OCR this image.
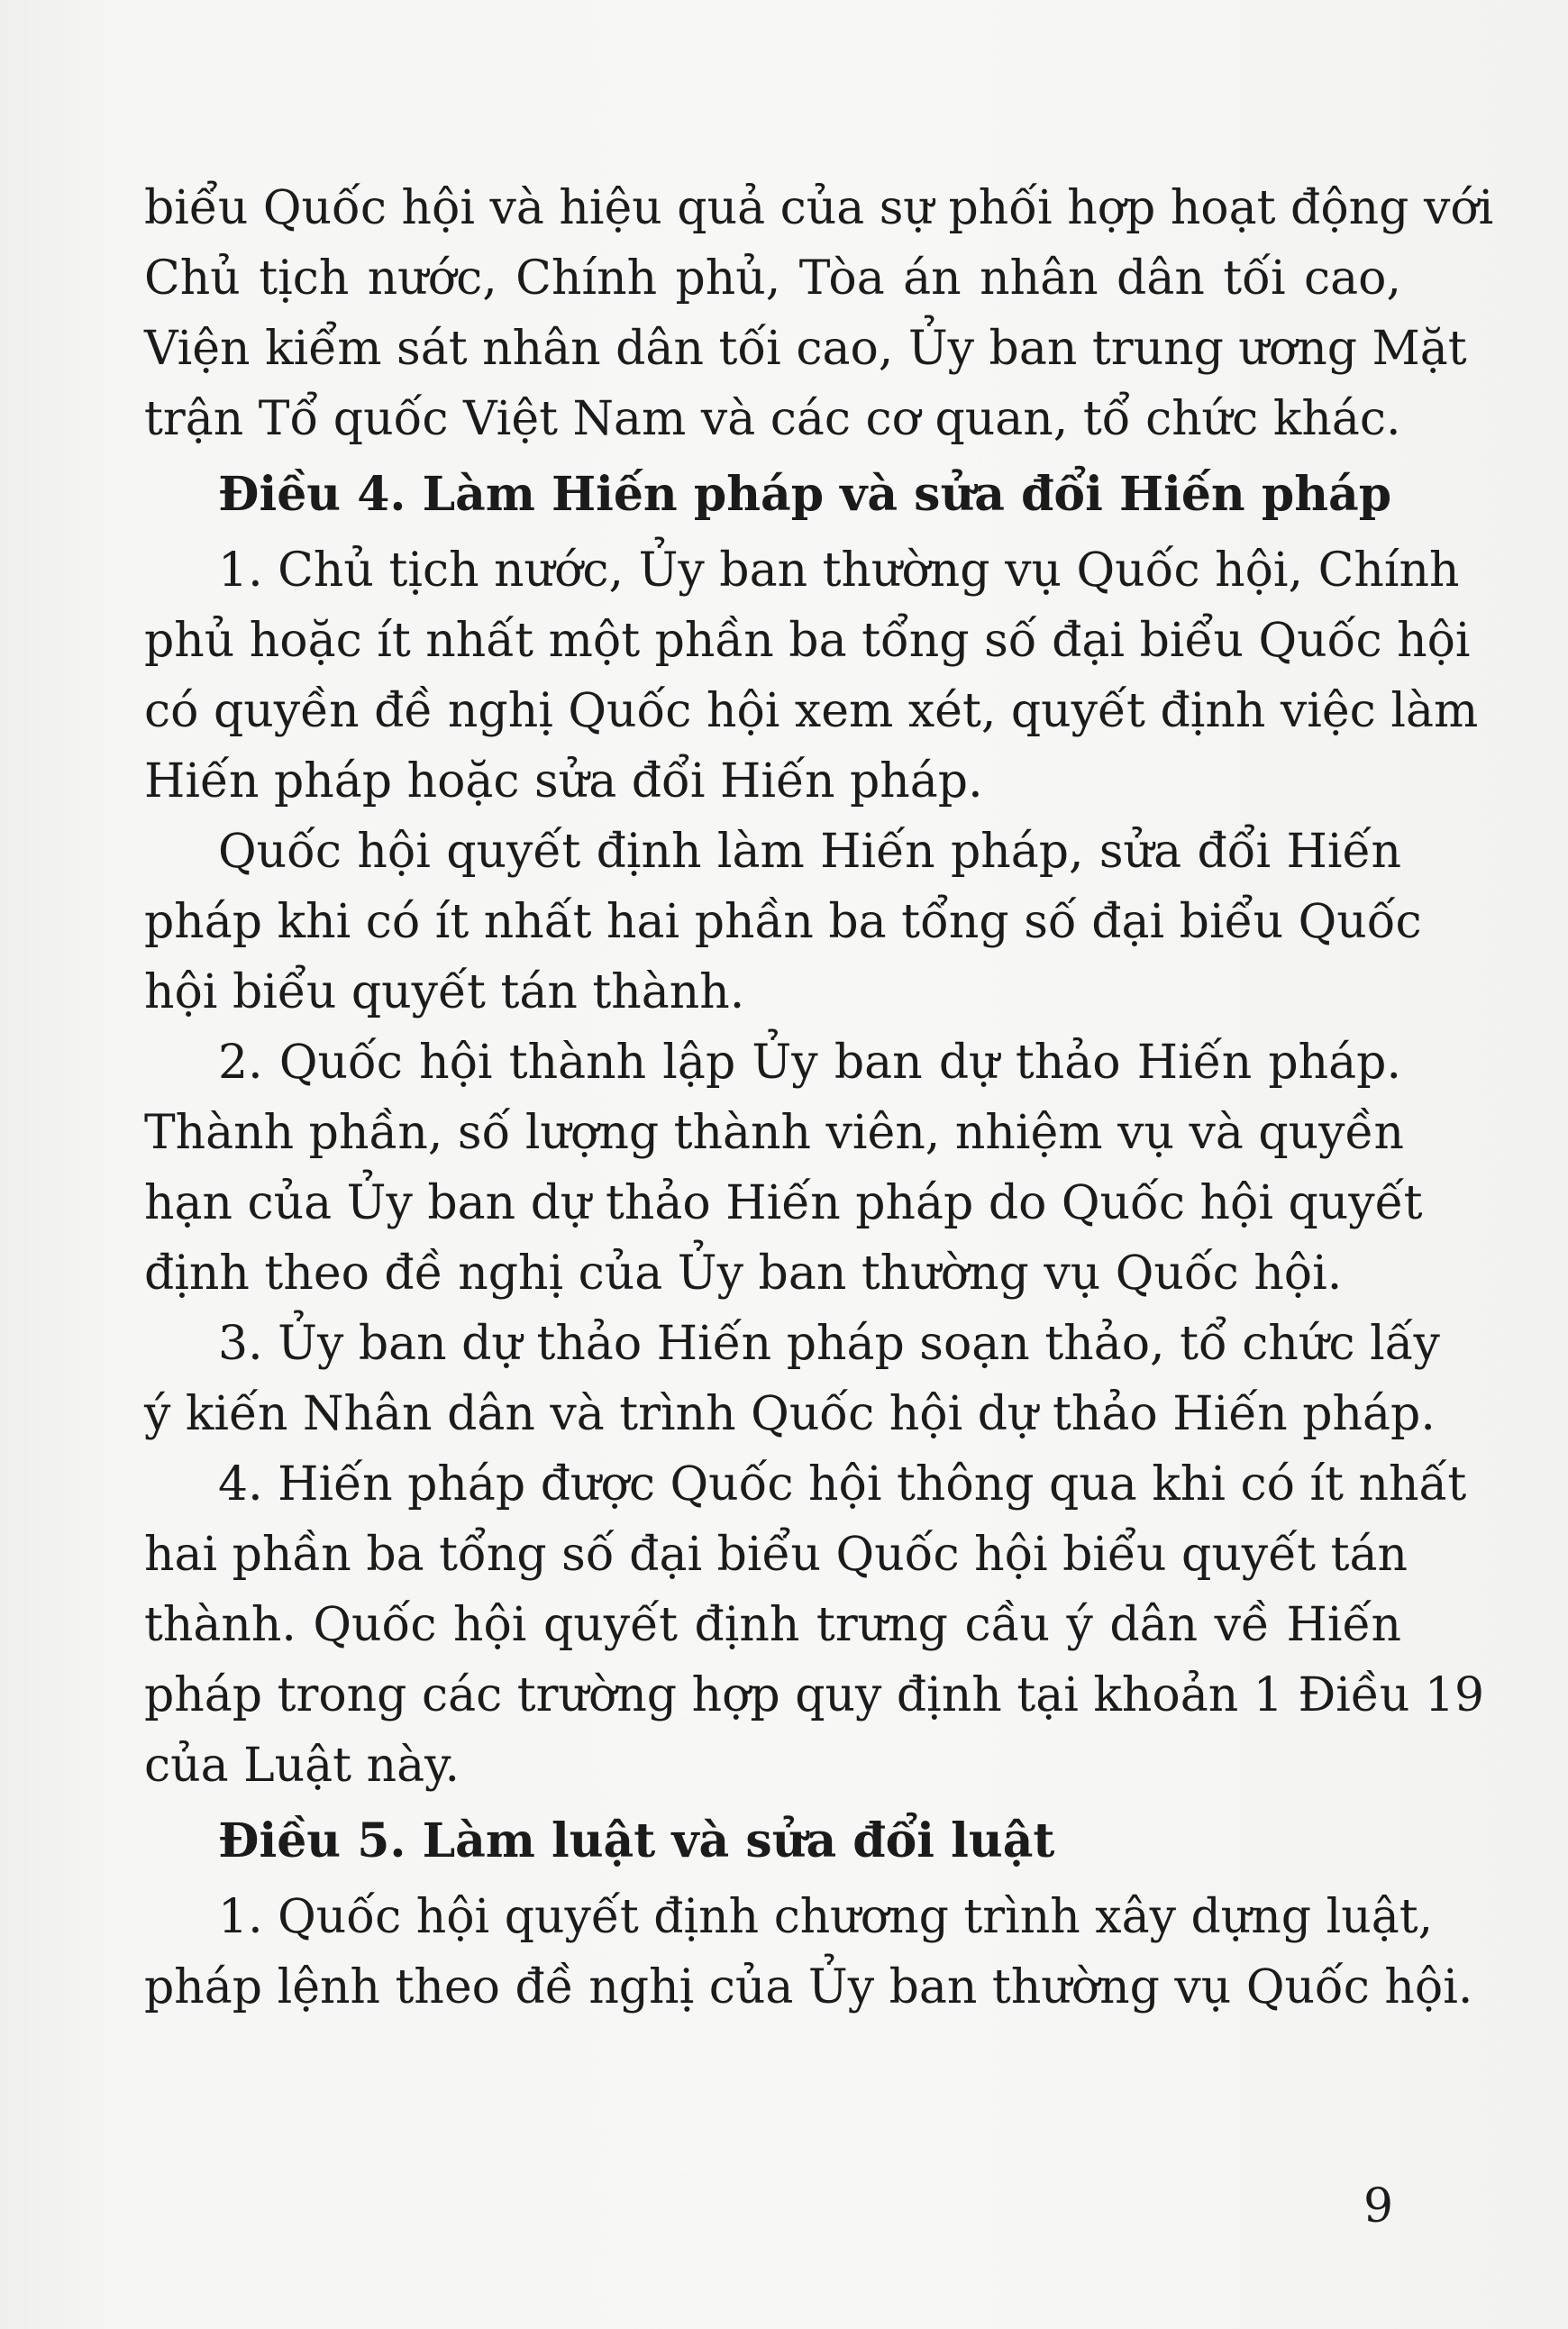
biểu Quốc hội và hiệu quả của sự phối hợp hoạt động với
Chủ tịch nước, Chính phủ, Tòa án nhân dân tối cao,
Viện kiểm sát nhân dân tối cao, Ủy ban trung ương Mặt
trận Tổ quốc Việt Nam và các cơ quan, tổ chức khác.
Điều 4. Làm Hiến pháp và sửa đổi Hiến pháp
1. Chủ tịch nước, Ủy ban thường vụ Quốc hội, Chính
phủ hoặc ít nhất một phần ba tổng số đại biểu Quốc hội
có quyền đề nghị Quốc hội xem xét, quyết định việc làm
Hiến pháp hoặc sửa đổi Hiến pháp.
Quốc hội quyết định làm Hiến pháp, sửa đổi Hiến
pháp khi có ít nhất hai phần ba tổng số đại biểu Quốc
hội biểu quyết tán thành.
2. Quốc hội thành lập Ủy ban dự thảo Hiến pháp.
Thành phần, số lượng thành viên, nhiệm vụ và quyền
hạn của Ủy ban dự thảo Hiến pháp do Quốc hội quyết
định theo đề nghị của Ủy ban thường vụ Quốc hội.
3. Ủy ban dự thảo Hiến pháp soạn thảo, tổ chức lấy
ý kiến Nhân dân và trình Quốc hội dự thảo Hiến pháp.
4. Hiến pháp được Quốc hội thông qua khi có ít nhất
hai phần ba tổng số đại biểu Quốc hội biểu quyết tán
thành. Quốc hội quyết định trưng cầu ý dân về Hiến
pháp trong các trường hợp quy định tại khoản 1 Điều 19
của Luật này.
Điều 5. Làm luật và sửa đổi luật
1. Quốc hội quyết định chương trình xây dựng luật,
pháp lệnh theo đề nghị của Ủy ban thường vụ Quốc hội.
9
